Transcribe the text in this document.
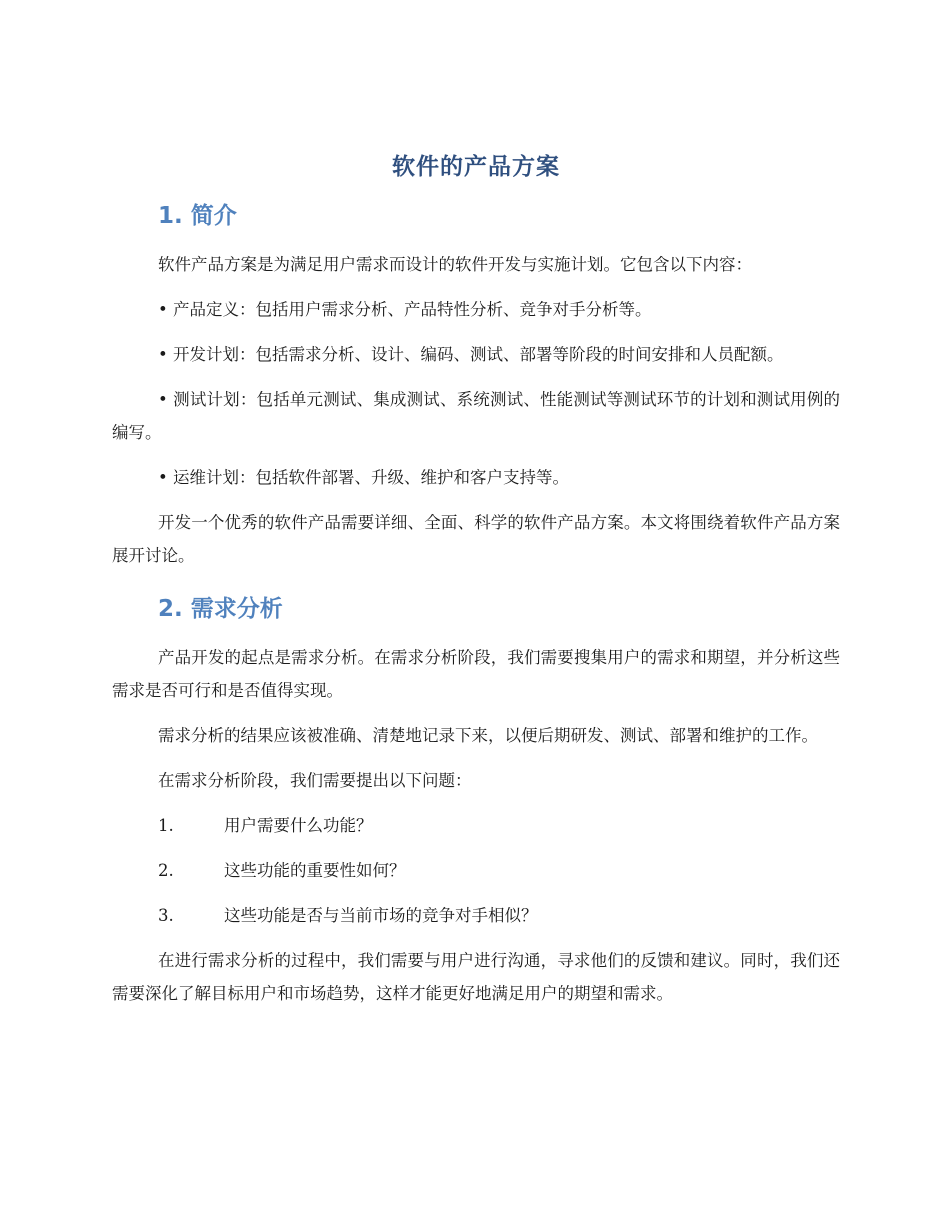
软件的产品方案
1. 简介

软件产品方案是为满足用户需求而设计的软件开发与实施计划。它包含以下内容：

• 产品定义：包括用户需求分析、产品特性分析、竞争对手分析等。

• 开发计划：包括需求分析、设计、编码、测试、部署等阶段的时间安排和人员配额。

• 测试计划：包括单元测试、集成测试、系统测试、性能测试等测试环节的计划和测试用例的编写。

• 运维计划：包括软件部署、升级、维护和客户支持等。

开发一个优秀的软件产品需要详细、全面、科学的软件产品方案。本文将围绕着软件产品方案展开讨论。

2. 需求分析

产品开发的起点是需求分析。在需求分析阶段，我们需要搜集用户的需求和期望，并分析这些需求是否可行和是否值得实现。

需求分析的结果应该被准确、清楚地记录下来，以便后期研发、测试、部署和维护的工作。

在需求分析阶段，我们需要提出以下问题：

1.	用户需要什么功能？
2.	这些功能的重要性如何？
3.	这些功能是否与当前市场的竞争对手相似？

在进行需求分析的过程中，我们需要与用户进行沟通，寻求他们的反馈和建议。同时，我们还需要深化了解目标用户和市场趋势，这样才能更好地满足用户的期望和需求。
